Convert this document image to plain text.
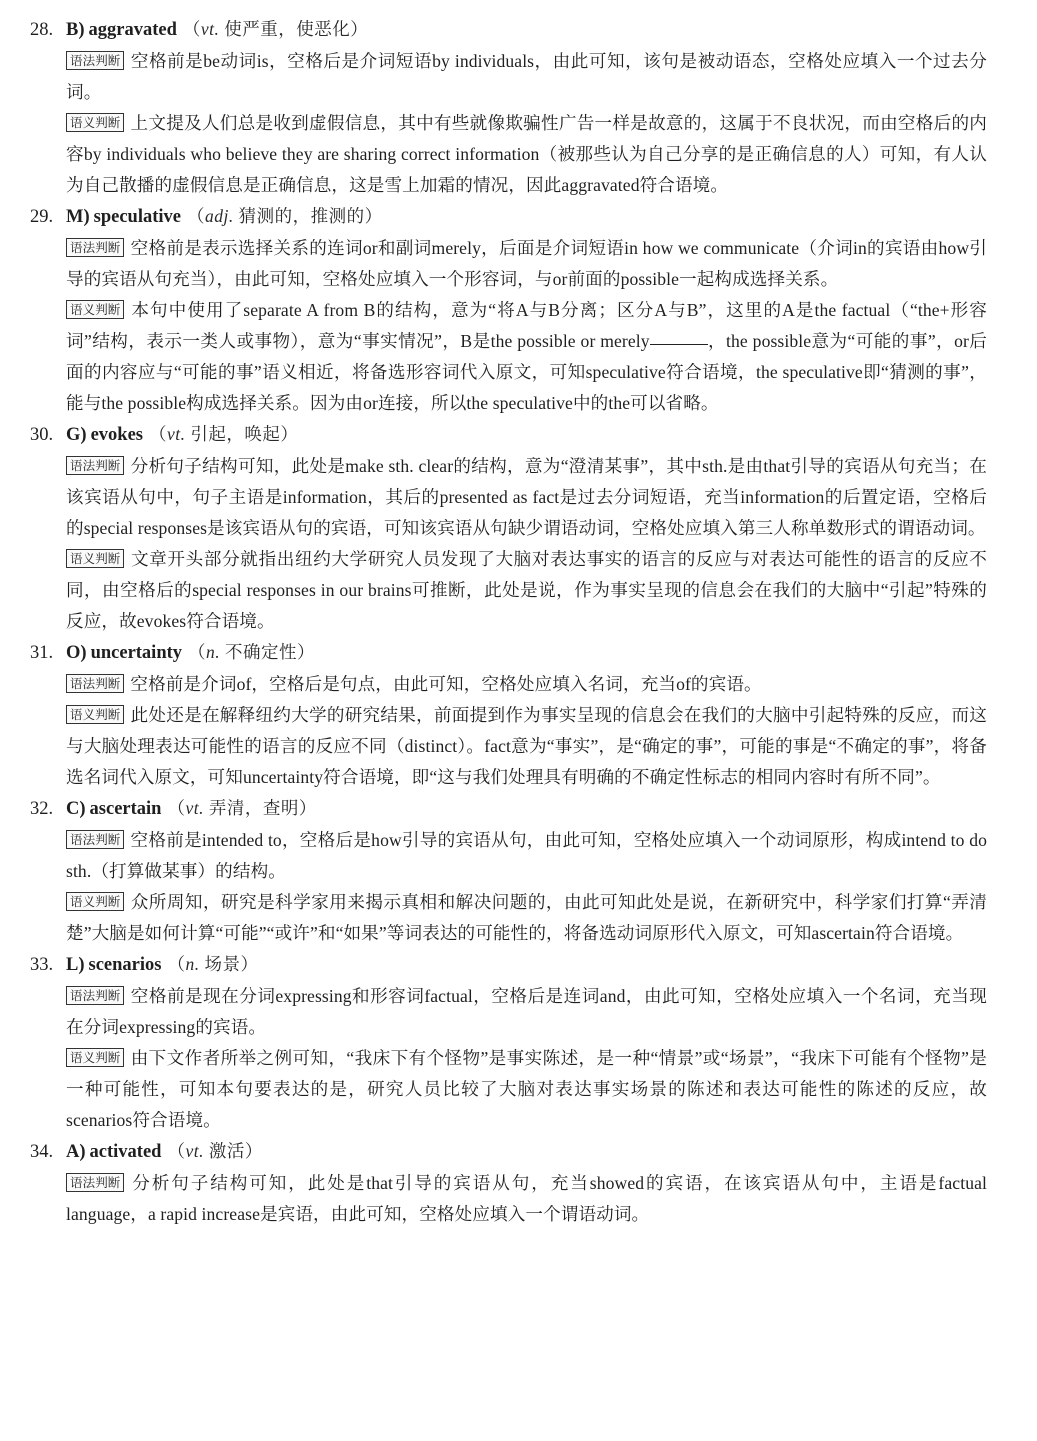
28. B) aggravated （vt. 使严重，使恶化）
语法判断 空格前是be动词is，空格后是介词短语by individuals，由此可知，该句是被动语态，空格处应填入一个过去分词。
语义判断 上文提及人们总是收到虚假信息，其中有些就像欺骗性广告一样是故意的，这属于不良状况，而由空格后的内容by individuals who believe they are sharing correct information（被那些认为自己分享的是正确信息的人）可知，有人认为自己散播的虚假信息是正确信息，这是雪上加霜的情况，因此aggravated符合语境。
29. M) speculative （adj. 猜测的，推测的）
语法判断 空格前是表示选择关系的连词or和副词merely，后面是介词短语in how we communicate（介词in的宾语由how引导的宾语从句充当），由此可知，空格处应填入一个形容词，与or前面的possible一起构成选择关系。
语义判断 本句中使用了separate A from B的结构，意为“将A与B分离；区分A与B”，这里的A是the factual（“the+形容词”结构，表示一类人或事物），意为“事实情况”，B是the possible or merely	，the possible意为“可能的事”，or后面的内容应与“可能的事”语义相近，将备选形容词代入原文，可知speculative符合语境，the speculative即“猜测的事”，能与the possible构成选择关系。因为由or连接，所以the speculative中的the可以省略。
30. G) evokes （vt. 引起，唤起）
语法判断 分析句子结构可知，此处是make sth. clear的结构，意为“澄清某事”，其中sth.是由that引导的宾语从句充当；在该宾语从句中，句子主语是information，其后的presented as fact是过去分词短语，充当information的后置定语，空格后的special responses是该宾语从句的宾语，可知该宾语从句缺少谓语动词，空格处应填入第三人称单数形式的谓语动词。
语义判断 文章开头部分就指出纽约大学研究人员发现了大脑对表达事实的语言的反应与对表达可能性的语言的反应不同，由空格后的special responses in our brains可推断，此处是说，作为事实呈现的信息会在我们的大脑中“引起”特殊的反应，故evokes符合语境。
31. O) uncertainty （n. 不确定性）
语法判断 空格前是介词of，空格后是句点，由此可知，空格处应填入名词，充当of的宾语。
语义判断 此处还是在解释纽约大学的研究结果，前面提到作为事实呈现的信息会在我们的大脑中引起特殊的反应，而这与大脑处理表达可能性的语言的反应不同（distinct）。fact意为“事实”，是“确定的事”，可能的事是“不确定的事”，将备选名词代入原文，可知uncertainty符合语境，即“这与我们处理具有明确的不确定性标志的相同内容时有所不同”。
32. C) ascertain （vt. 弄清，查明）
语法判断 空格前是intended to，空格后是how引导的宾语从句，由此可知，空格处应填入一个动词原形，构成intend to do sth.（打算做某事）的结构。
语义判断 众所周知，研究是科学家用来揭示真相和解决问题的，由此可知此处是说，在新研究中，科学家们打算“弄清楚”大脑是如何计算“可能”“或许”和“如果”等词表达的可能性的，将备选动词原形代入原文，可知ascertain符合语境。
33. L) scenarios （n. 场景）
语法判断 空格前是现在分词expressing和形容词factual，空格后是连词and，由此可知，空格处应填入一个名词，充当现在分词expressing的宾语。
语义判断 由下文作者所举之例可知，“我床下有个怪物”是事实陈述，是一种“情景”或“场景”，“我床下可能有个怪物”是一种可能性，可知本句要表达的是，研究人员比较了大脑对表达事实场景的陈述和表达可能性的陈述的反应，故scenarios符合语境。
34. A) activated （vt. 激活）
语法判断 分析句子结构可知，此处是that引导的宾语从句，充当showed的宾语，在该宾语从句中，主语是factual language，a rapid increase是宾语，由此可知，空格处应填入一个谓语动词。
